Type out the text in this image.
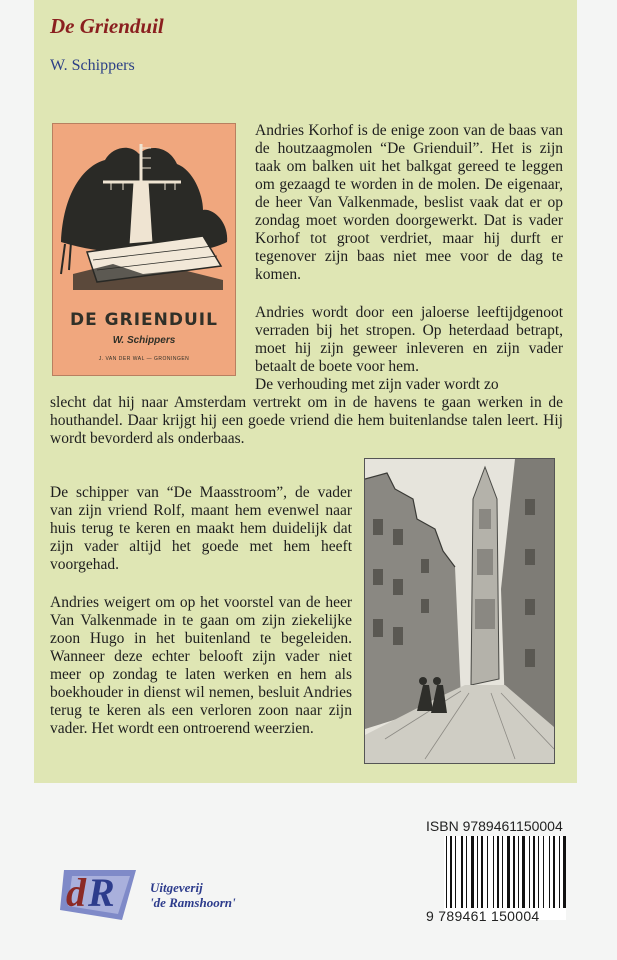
De Grienduil
W. Schippers
DE GRIENDUIL
W. Schippers
J. VAN DER WAL — GRONINGEN

Andries Korhof is de enige zoon van de baas van de houtzaagmolen “De Grienduil”. Het is zijn taak om balken uit het balkgat gereed te leggen om gezaagd te worden in de molen. De eigenaar, de heer Van Valkenmade, beslist vaak dat er op zondag moet worden doorgewerkt. Dat is vader Korhof tot groot verdriet, maar hij durft er tegenover zijn baas niet mee voor de dag te komen.

Andries wordt door een jaloerse leeftijdgenoot verraden bij het stropen. Op heterdaad betrapt, moet hij zijn geweer inleveren en zijn vader betaalt de boete voor hem.

De verhouding met zijn vader wordt zo

slecht dat hij naar Amsterdam vertrekt om in de havens te gaan werken in de houthandel. Daar krijgt hij een goede vriend die hem buitenlandse talen leert. Hij wordt bevorderd als onderbaas.

De schipper van “De Maasstroom”, de vader van zijn vriend Rolf, maant hem evenwel naar huis terug te keren en maakt hem duidelijk dat zijn vader altijd het goede met hem heeft voorgehad.

Andries weigert om op het voorstel van de heer Van Valkenmade in te gaan om zijn ziekelijke zoon Hugo in het buitenland te begeleiden. Wanneer deze echter belooft zijn vader niet meer op zondag te laten werken en hem als boekhouder in dienst wil nemen, besluit Andries terug te keren als een verloren zoon naar zijn vader. Het wordt een ontroerend weerzien.

ISBN 9789461150004
9 789461 150004
d R	Uitgeverij
'de Ramshoorn'
